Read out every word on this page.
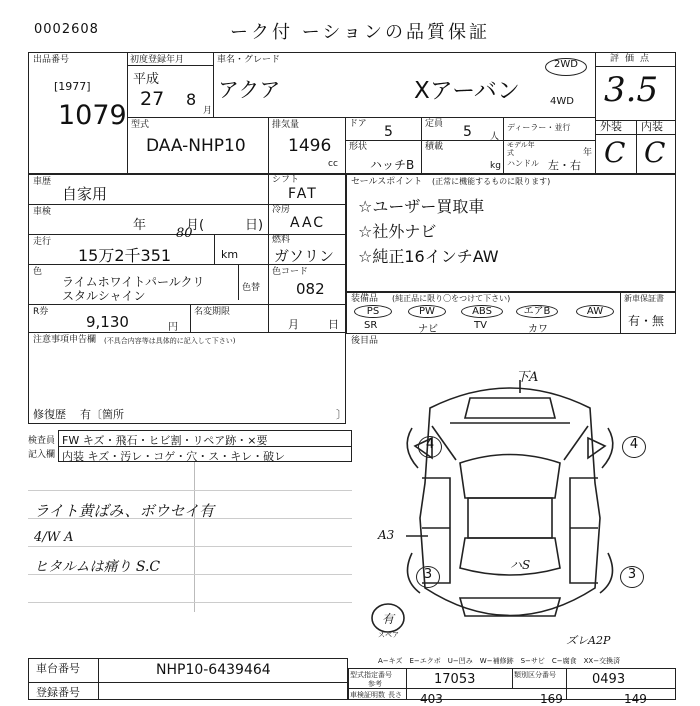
0002608	ーク付 ーションの品質保証
出品番号
[1977]
1079
初度登録年月
平成
27 8
月
車名・グレード
アクア	Xアーバン
2WD
4WD
評価点
3.5
型式
DAA-NHP10
排気量
1496
cc
ドア 5	定員 5 人
ディーラー・並行
形状
ハッチB
積載
kg
モデル年式	年
ハンドル 左・右
外装 内装
C C
車歴
自家用
シフト
FAT
車検
年	月(	日)
冷房
AAC
走行
15万2千351
80
km
燃料
ガソリン
色
ライムホワイトパールクリ
スタルシャイン
色替
色コード
082
R券
9,130	円
名変期限
月	日
注意事項申告欄 (不具合内容等は具体的に記入して下さい)
修復歴 有〔箇所	〕
セールスポイント (正常に機能するものに限ります)
☆ユーザー買取車
☆社外ナビ
☆純正16インチAW
装備品 (純正品に限り〇をつけて下さい)
PS	PW	ABS	エアB	AW
SR	ナビ	TV	カワ
新車保証書
有・無
後目品
検査員
記入欄
FW キズ・飛石・ヒビ割・リペア跡・×要
内装 キズ・汚レ・コゲ・穴・ス・キレ・破レ
ライト黄ばみ、ボウセイ有
4/W A
ヒタルムは痛り S.C
下A
A3
ハS
ズレA2P
有
スペア
4	4
3	3
A−キズ　E−エクボ　U−凹み　W−補修跡　S−サビ　C−腐食　XX−交換済
車台番号	NHP10-6439464
登録番号
型式指定番号
参考	17053	類別区分番号	0493
車検証明数 長さ 403	169	149
